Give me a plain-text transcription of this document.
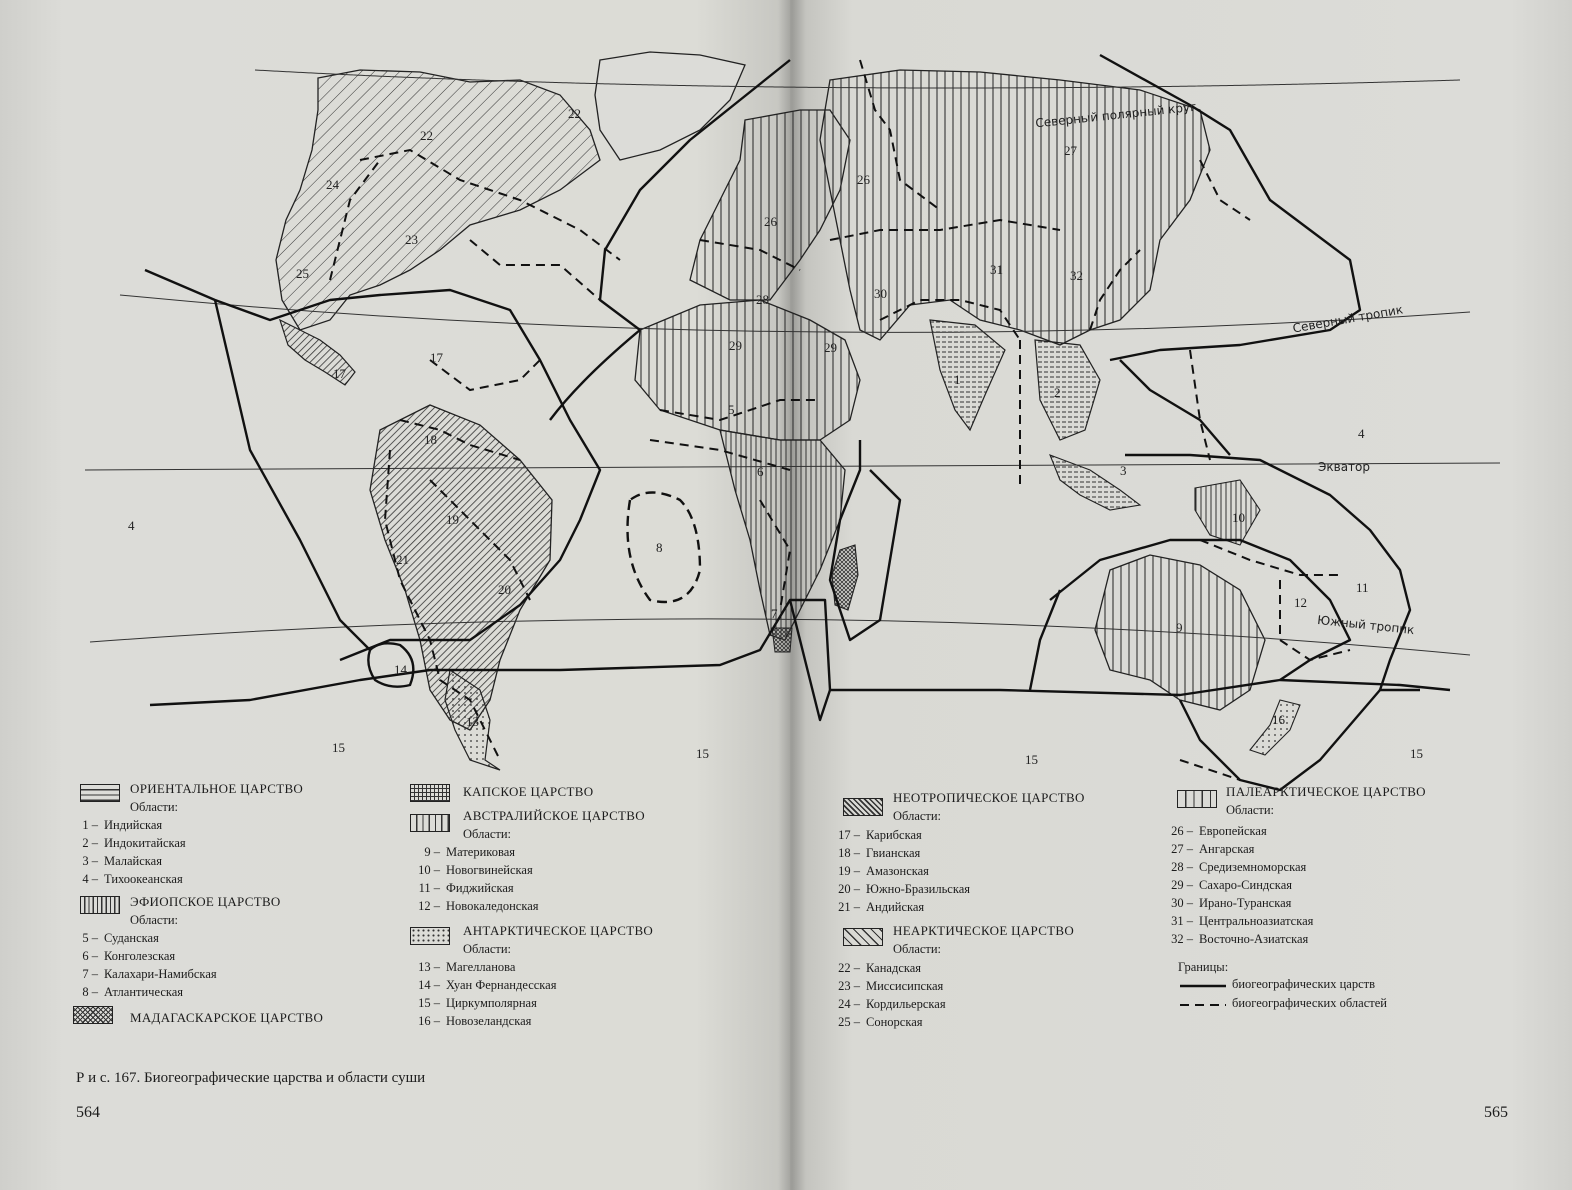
Северный полярный круг
Северный тропик
Экватор
Южный тропик
22
22
24
23
25
17
17
18
19
21
20
14
13
15	15
8
29
28
26
5
6
7
4
27
26
31	32
30
29
1
2
3
10
11
12
9
16
15	15
4
ОРИЕНТАЛЬНОЕ ЦАРСТВО
Области:
1 – Индийская
2 – Индокитайская
3 – Малайская
4 – Тихоокеанская
ЭФИОПСКОЕ ЦАРСТВО
Области:
5 – Суданская
6 – Конголезская
7 – Калахари-Намибская
8 – Атлантическая
МАДАГАСКАРСКОЕ ЦАРСТВО
КАПСКОЕ ЦАРСТВО
АВСТРАЛИЙСКОЕ ЦАРСТВО
Области:
9 – Материковая
10 – Новогвинейская
11 – Фиджийская
12 – Новокаледонская
АНТАРКТИЧЕСКОЕ ЦАРСТВО
Области:
13 – Магелланова
14 – Хуан Фернандесская
15 – Циркумполярная
16 – Новозеландская
НЕОТРОПИЧЕСКОЕ ЦАРСТВО
Области:
17 – Карибская
18 – Гвианская
19 – Амазонская
20 – Южно-Бразильская
21 – Андийская
НЕАРКТИЧЕСКОЕ ЦАРСТВО
Области:
22 – Канадская
23 – Миссисипская
24 – Кордильерская
25 – Сонорская
ПАЛЕАРКТИЧЕСКОЕ ЦАРСТВО
Области:
26 – Европейская
27 – Ангарская
28 – Средиземноморская
29 – Сахаро-Синдская
30 – Ирано-Туранская
31 – Центральноазиатская
32 – Восточно-Азиатская
Границы:
биогеографических царств
биогеографических областей
Р и с. 167. Биогеографические царства и области суши
564	565
